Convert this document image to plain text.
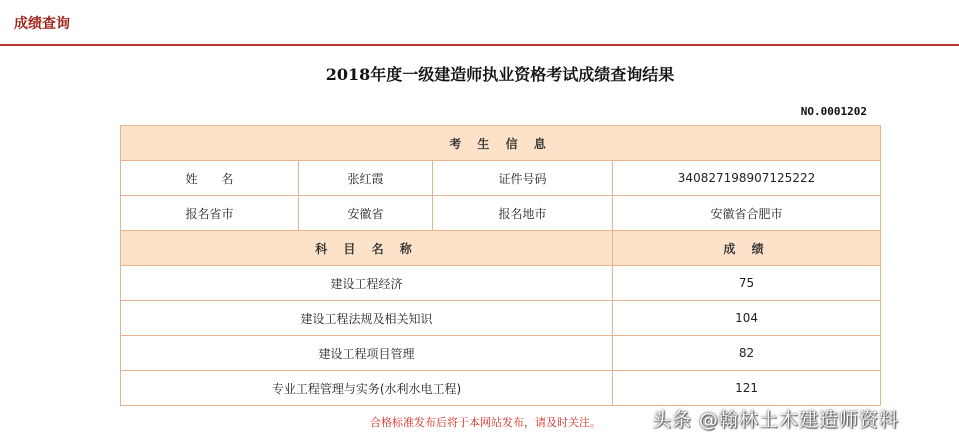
成绩查询
2018年度一级建造师执业资格考试成绩查询结果
NO.0001202
考 生 信 息			
姓　　名	张红霞	证件号码	340827198907125222
报名省市	安徽省	报名地市	安徽省合肥市
科 目 名 称			成 绩
建设工程经济			75
建设工程法规及相关知识			104
建设工程项目管理			82
专业工程管理与实务(水利水电工程)			121
合格标准发布后将于本网站发布，请及时关注。	头条 @翰林土木建造师资料
